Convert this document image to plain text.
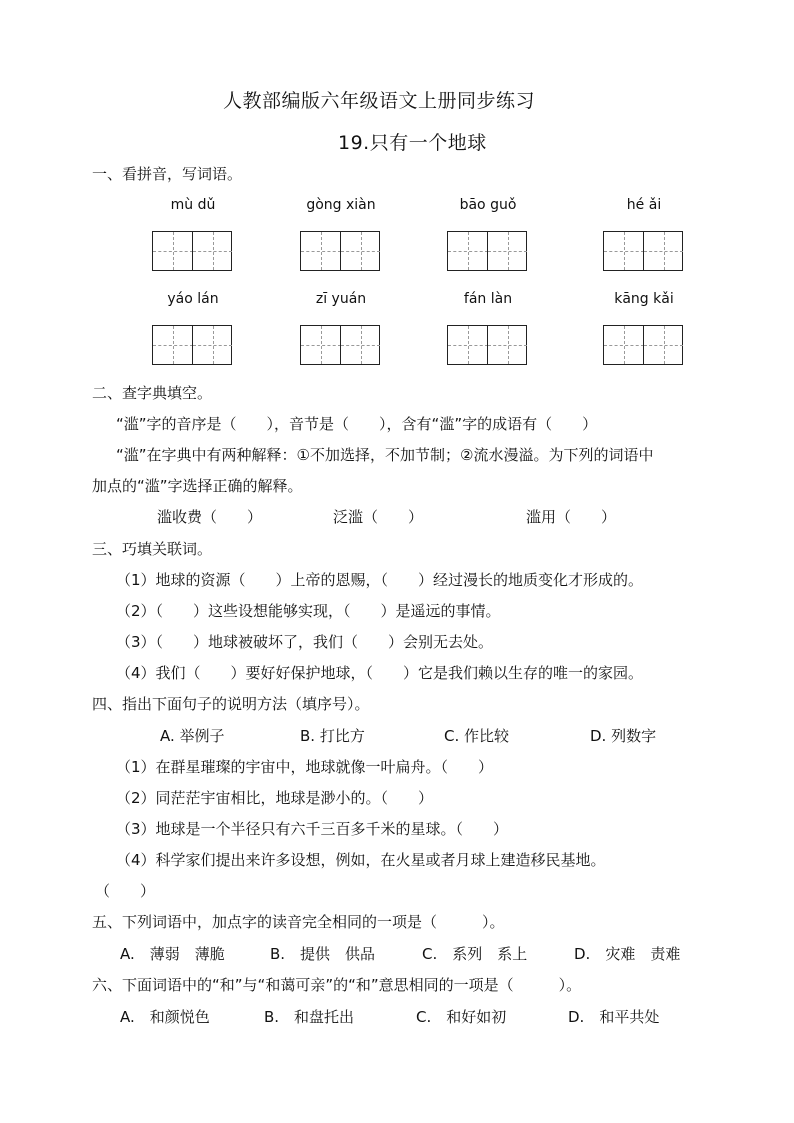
人教部编版六年级语文上册同步练习
19.只有一个地球
一、看拼音，写词语。
mù dǔ	gòng xiàn	bāo guǒ	hé ǎi
yáo lán	zī yuán	fán làn	kāng kǎi
二、查字典填空。
“滥”字的音序是（　　），音节是（　　），含有“滥”字的成语有（　　）
“滥”在字典中有两种解释：①不加选择，不加节制；②流水漫溢。为下列的词语中
加点的“滥”字选择正确的解释。
滥收费（　　）	泛滥（　　）	滥用（　　）
三、巧填关联词。
（1）地球的资源（　　）上帝的恩赐，（　　）经过漫长的地质变化才形成的。
（2）（　　）这些设想能够实现，（　　）是遥远的事情。
（3）（　　）地球被破坏了，我们（　　）会别无去处。
（4）我们（　　）要好好保护地球，（　　）它是我们赖以生存的唯一的家园。
四、指出下面句子的说明方法（填序号）。
A. 举例子	B. 打比方	C. 作比较	D. 列数字
（1）在群星璀璨的宇宙中，地球就像一叶扁舟。（　　）
（2）同茫茫宇宙相比，地球是渺小的。（　　）
（3）地球是一个半径只有六千三百多千米的星球。（　　）
（4）科学家们提出来许多设想，例如，在火星或者月球上建造移民基地。
（　　）
五、下列词语中，加点字的读音完全相同的一项是（　　　）。
A.　薄弱　薄脆	B.　提供　供品	C.　系列　系上	D.　灾难　责难
六、下面词语中的“和”与“和蔼可亲”的“和”意思相同的一项是（　　　）。
A.　和颜悦色	B.　和盘托出	C.　和好如初	D.　和平共处
